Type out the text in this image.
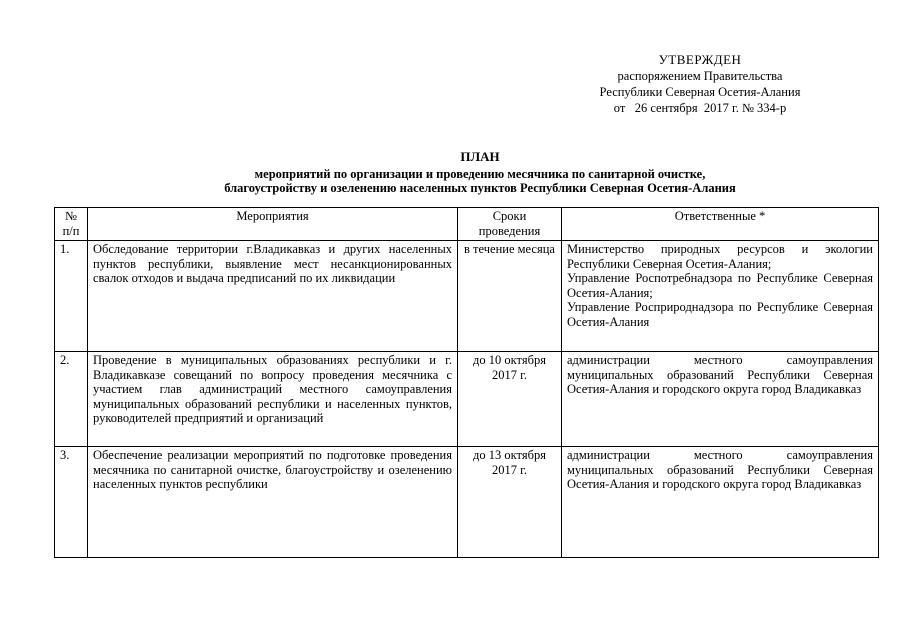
УТВЕРЖДЕН
распоряжением Правительства
Республики Северная Осетия-Алания
от   26 сентября  2017 г. № 334-р
ПЛАН
мероприятий по организации и проведению месячника по санитарной очистке,
благоустройству и озеленению населенных пунктов Республики Северная Осетия-Алания
№ п/п	Мероприятия	Сроки проведения	Ответственные *
1.	Обследование территории г.Владикавказ и других населенных пунктов республики, выявление мест несанкционированных свалок отходов и выдача предписаний по их ликвидации	в течение месяца	Министерство природных ресурсов и экологии Республики Северная Осетия-Алания;
Управление Роспотребнадзора по Республике Северная Осетия-Алания;
Управление Росприроднадзора по Республике Северная Осетия-Алания

2.	Проведение в муниципальных образованиях республики и г. Владикавказе совещаний по вопросу проведения месячника с участием глав администраций местного самоуправления муниципальных образований республики и населенных пунктов, руководителей предприятий и организаций	до 10 октября 2017 г.	администрации местного самоуправления муниципальных образований Республики Северная Осетия-Алания и городского округа город Владикавказ

3.	Обеспечение реализации мероприятий по подготовке проведения месячника по санитарной очистке, благоустройству и озеленению населенных пунктов республики	до 13 октября 2017 г.	администрации местного самоуправления муниципальных образований Республики Северная Осетия-Алания и городского округа город Владикавказ
